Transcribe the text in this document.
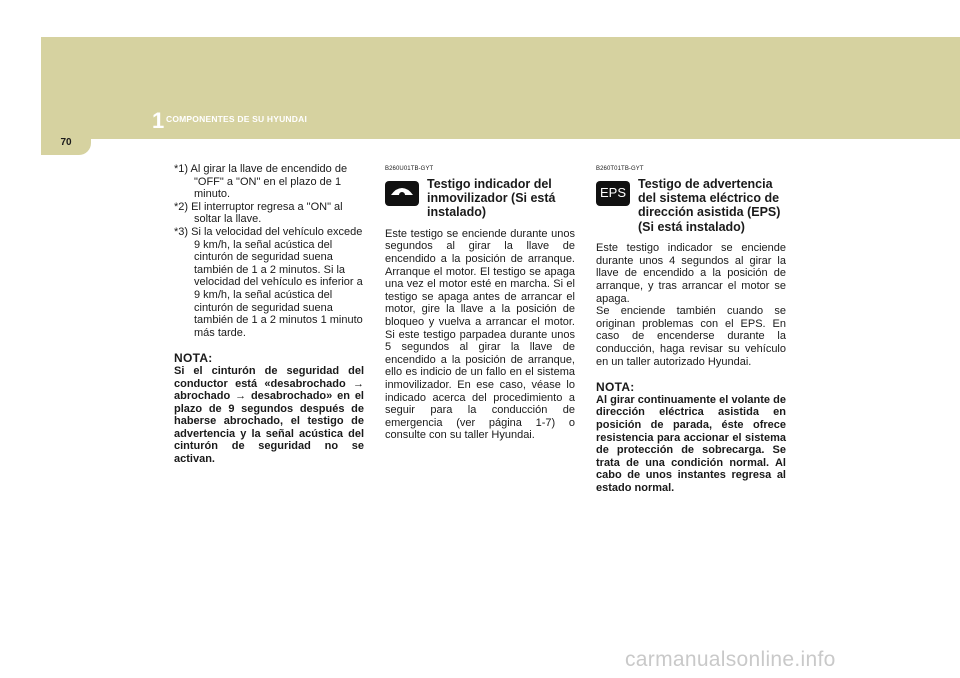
70
1 COMPONENTES DE SU HYUNDAI
*1) Al girar la llave de encendido de
"OFF" a "ON" en el plazo de 1 minuto.
*2) El interruptor regresa a "ON" al
soltar la llave.
*3) Si la velocidad del vehículo excede
9 km/h, la señal acústica del cinturón de seguridad suena también de 1 a 2 minutos. Si la velocidad del vehículo es inferior a 9 km/h, la señal acústica del cinturón de seguridad suena también de 1 a 2 minutos 1 minuto más tarde.
NOTA:
Si el cinturón de seguridad del conductor está «desabrochado → abrochado → desabrochado» en el plazo de 9 segundos después de haberse abrochado, el testigo de advertencia y la señal acústica del cinturón de seguridad no se activan.
B260U01TB-GYT
Testigo indicador del inmovilizador (Si está instalado)
Este testigo se enciende durante unos segundos al girar la llave de encendido a la posición de arranque. Arranque el motor. El testigo se apaga una vez el motor esté en marcha. Si el testigo se apaga antes de arrancar el motor, gire la llave a la posición de bloqueo y vuelva a arrancar el motor. Si este testigo parpadea durante unos 5 segundos al girar la llave de encendido a la posición de arranque, ello es indicio de un fallo en el sistema inmovilizador. En ese caso, véase lo indicado acerca del procedimiento a seguir para la conducción de emergencia (ver página 1-7) o consulte con su taller Hyundai.
B260T01TB-GYT
EPS
Testigo de advertencia del sistema eléctrico de dirección asistida (EPS) (Si está instalado)
Este testigo indicador se enciende durante unos 4 segundos al girar la llave de encendido a la posición de arranque, y tras arrancar el motor se apaga.
Se enciende también cuando se originan problemas con el EPS. En caso de encenderse durante la conducción, haga revisar su vehículo en un taller autorizado Hyundai.
NOTA:
Al girar continuamente el volante de dirección eléctrica asistida en posición de parada, éste ofrece resistencia para accionar el sistema de protección de sobrecarga. Se trata de una condición normal. Al cabo de unos instantes regresa al estado normal.
carmanualsonline.info
